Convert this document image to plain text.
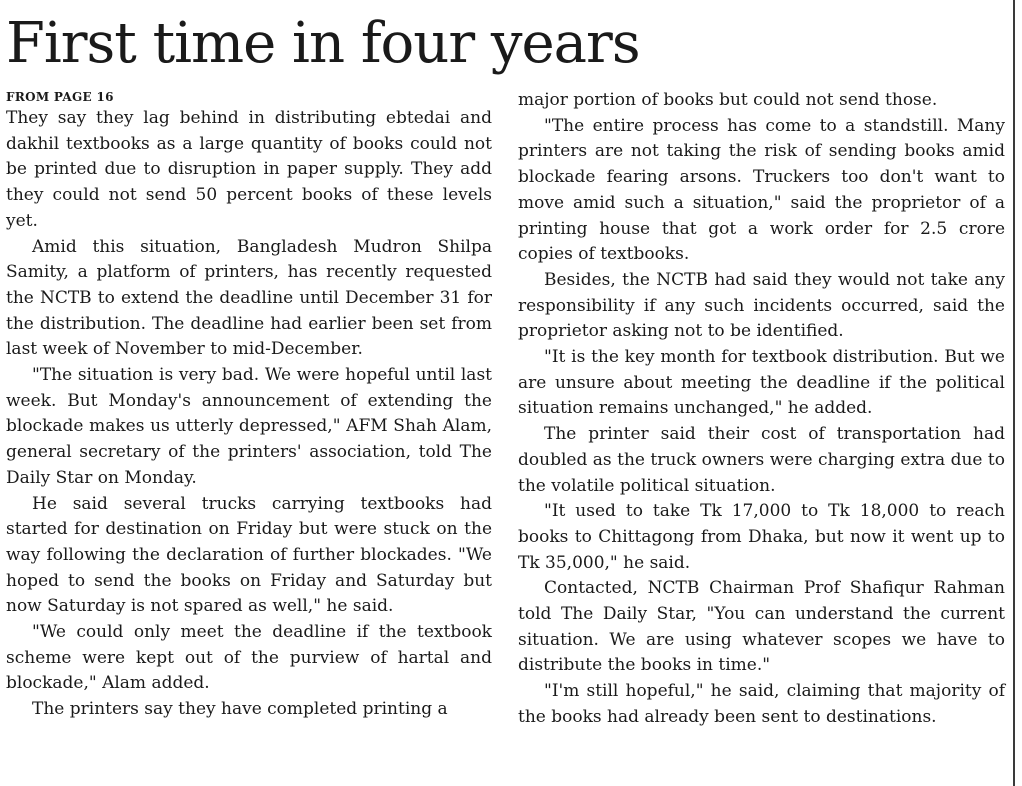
First time in four years
FROM PAGE 16

They say they lag behind in distributing ebtedai and dakhil textbooks as a large quantity of books could not be printed due to disruption in paper supply. They add they could not send 50 percent books of these levels yet.

Amid this situation, Bangladesh Mudron Shilpa Samity, a platform of printers, has recently requested the NCTB to extend the deadline until December 31 for the distribution. The deadline had earlier been set from last week of November to mid-December.

"The situation is very bad. We were hopeful until last week. But Monday's announcement of extending the blockade makes us utterly depressed," AFM Shah Alam, general secretary of the printers' association, told The Daily Star on Monday.

He said several trucks carrying textbooks had started for destination on Friday but were stuck on the way following the declaration of further blockades. "We hoped to send the books on Friday and Saturday but now Saturday is not spared as well," he said.

"We could only meet the deadline if the textbook scheme were kept out of the purview of hartal and blockade," Alam added.

The printers say they have completed printing a

major portion of books but could not send those.

"The entire process has come to a standstill. Many printers are not taking the risk of sending books amid blockade fearing arsons. Truckers too don't want to move amid such a situation," said the proprietor of a printing house that got a work order for 2.5 crore copies of textbooks.

Besides, the NCTB had said they would not take any responsibility if any such incidents occurred, said the proprietor asking not to be identified.

"It is the key month for textbook distribution. But we are unsure about meeting the deadline if the political situation remains unchanged," he added.

The printer said their cost of transportation had doubled as the truck owners were charging extra due to the volatile political situation.

"It used to take Tk 17,000 to Tk 18,000 to reach books to Chittagong from Dhaka, but now it went up to Tk 35,000," he said.

Contacted, NCTB Chairman Prof Shafiqur Rahman told The Daily Star, "You can understand the current situation. We are using whatever scopes we have to distribute the books in time."

"I'm still hopeful," he said, claiming that majority of the books had already been sent to destinations.
